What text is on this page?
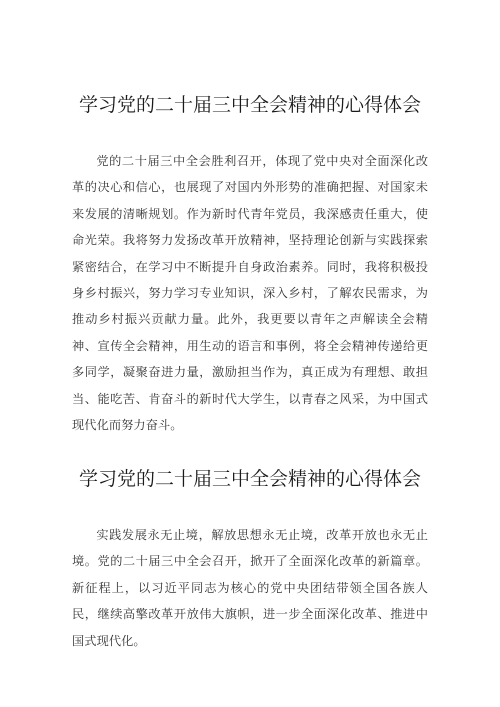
学习党的二十届三中全会精神的心得体会

党的二十届三中全会胜利召开，体现了党中央对全面深化改革的决心和信心，也展现了对国内外形势的准确把握、对国家未来发展的清晰规划。作为新时代青年党员，我深感责任重大，使命光荣。我将努力发扬改革开放精神，坚持理论创新与实践探索紧密结合，在学习中不断提升自身政治素养。同时，我将积极投身乡村振兴，努力学习专业知识，深入乡村，了解农民需求，为推动乡村振兴贡献力量。此外，我更要以青年之声解读全会精神、宣传全会精神，用生动的语言和事例，将全会精神传递给更多同学，凝聚奋进力量，激励担当作为，真正成为有理想、敢担当、能吃苦、肯奋斗的新时代大学生，以青春之风采，为中国式现代化而努力奋斗。

学习党的二十届三中全会精神的心得体会

实践发展永无止境，解放思想永无止境，改革开放也永无止境。党的二十届三中全会召开，掀开了全面深化改革的新篇章。新征程上，以习近平同志为核心的党中央团结带领全国各族人民，继续高擎改革开放伟大旗帜，进一步全面深化改革、推进中国式现代化。
